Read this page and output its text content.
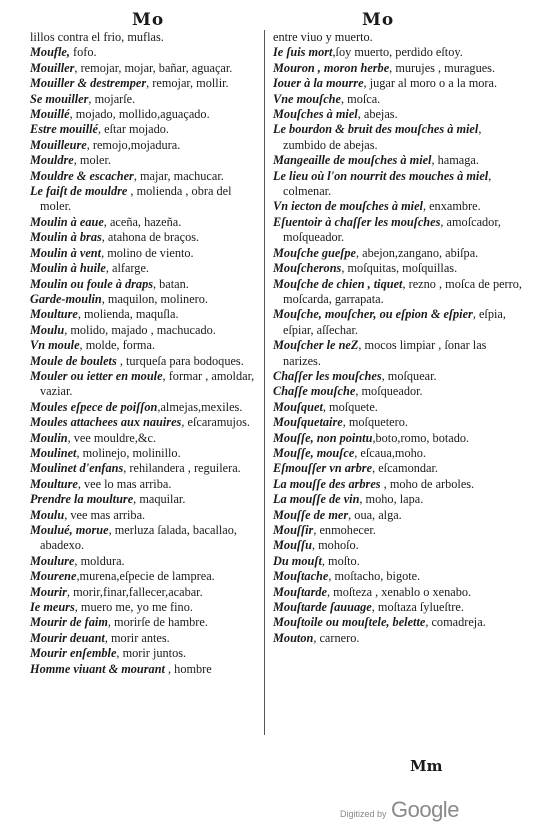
Mo	Mo

lillos contra el frio, muflas.

Moufle, fofo.

Mouiller, remojar, mojar, bañar, aguaçar.

Mouiller & destremper, remojar, mollir.

Se mouiller, mojarſe.

Mouillé, mojado, mollido,aguaçado.

Estre mouillé, eſtar mojado.

Mouilleure, remojo,mojadura.

Mouldre, moler.

Mouldre & escacher, majar, machucar.

Le faiſt de mouldre , molienda , obra del moler.

Moulin à eaue, aceña, hazeña.

Moulin à bras, atahona de braços.

Moulin à vent, molino de viento.

Moulin à huile, alfarge.

Moulin ou foule à draps, batan.

Garde-moulin, maquilon, molinero.

Moulture, molienda, maquſla.

Moulu, molido, majado , machucado.

Vn moule, molde, forma.

Moule de boulets , turqueſa para bodoques.

Mouler ou ietter en moule, formar , amoldar, vaziar.

Moules eſpece de poiſſon,almejas,mexiles.

Moules attachees aux nauires, eſcaramujos.

Moulin, vee mouldre,&c.

Moulinet, molinejo, molinillo.

Moulinet d'enfans, rehilandera , reguilera.

Moulture, vee lo mas arriba.

Prendre la moulture, maquilar.

Moulu, vee mas arriba.

Moulué, morue, merluza ſalada, bacallao, abadexo.

Moulure, moldura.

Mourene,murena,eſpecie de lamprea.

Mourir, morir,finar,fallecer,acabar.

Ie meurs, muero me, yo me fino.

Mourir de faim, morirſe de hambre.

Mourir deuant, morir antes.

Mourir enſemble, morir juntos.

Homme viuant & mourant , hombre

entre viuo y muerto.

Ie ſuis mort,ſoy muerto, perdido eſtoy.

Mouron , moron herbe, murujes , muragues.

Iouer à la mourre, jugar al moro o a la mora.

Vne mouſche, moſca.

Mouſches à miel, abejas.

Le bourdon & bruit des mouſches à miel, zumbido de abejas.

Mangeaille de mouſches à miel, hamaga.

Le lieu où l'on nourrit des mouches à miel, colmenar.

Vn iecton de mouſches à miel, enxambre.

Eſuentoir à chaſſer les mouſches, amoſcador, moſqueador.

Mouſche gueſpe, abejon,zangano, abiſpa.

Mouſcherons, moſquitas, moſquillas.

Mouſche de chien , tiquet, rezno , moſca de perro, moſcarda, garrapata.

Mouſche, mouſcher, ou eſpion & eſpier, eſpia, eſpiar, aſſechar.

Mouſcher le neZ, mocos limpiar , ſonar las narizes.

Chaſſer les mouſches, moſquear.

Chaſſe mouſche, moſqueador.

Mouſquet, moſquete.

Mouſquetaire, moſquetero.

Mouſſe, non pointu,boto,romo, botado.

Mouſſe, mouſce, eſcaua,moho.

Eſmouſſer vn arbre, eſcamondar.

La mouſſe des arbres , moho de arboles.

La mouſſe de vin, moho, lapa.

Mouſſe de mer, oua, alga.

Mouſſir, enmohecer.

Mouſſu, mohoſo.

Du mouſt, moſto.

Mouſtache, moſtacho, bigote.

Mouſtarde, moſteza , xenablo o xenabo.

Mouſtarde ſauuage, moſtaza ſylueſtre.

Mouſtoile ou mouſtele, belette, comadreja.

Mouton, carnero.

Mm
Digitized by Google
